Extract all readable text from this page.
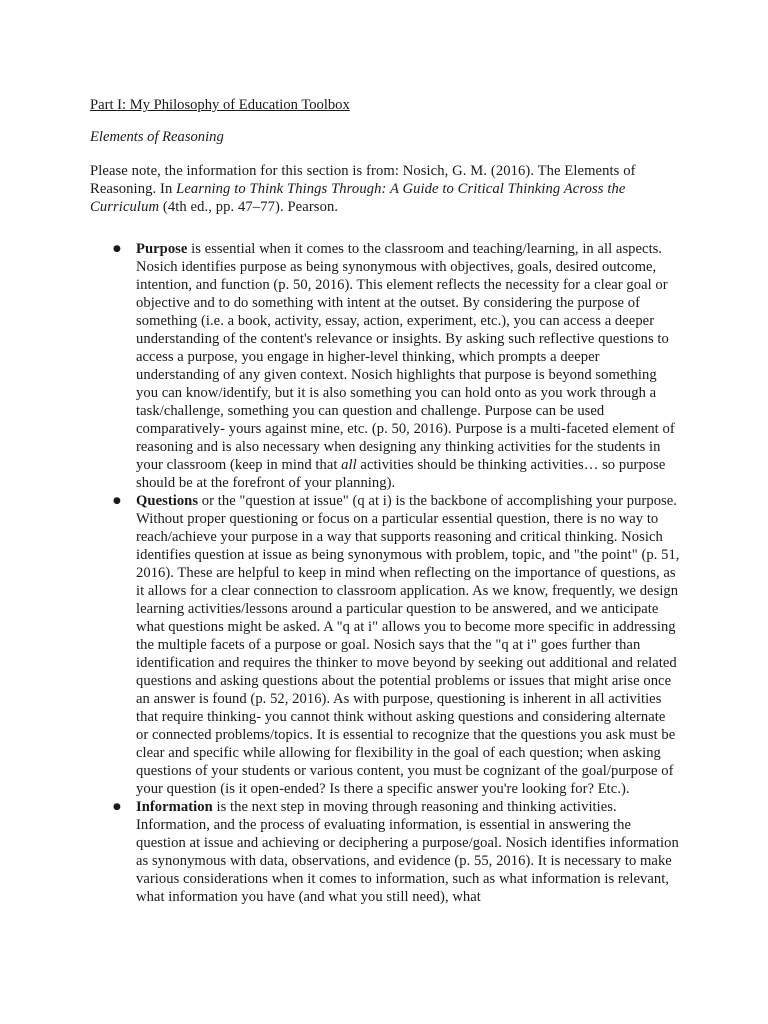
Part I: My Philosophy of Education Toolbox
Elements of Reasoning

Please note, the information for this section is from: Nosich, G. M. (2016). The Elements of Reasoning. In Learning to Think Things Through: A Guide to Critical Thinking Across the Curriculum (4th ed., pp. 47–77). Pearson.

● Purpose is essential when it comes to the classroom and teaching/learning, in all aspects. Nosich identifies purpose as being synonymous with objectives, goals, desired outcome, intention, and function (p. 50, 2016). This element reflects the necessity for a clear goal or objective and to do something with intent at the outset. By considering the purpose of something (i.e. a book, activity, essay, action, experiment, etc.), you can access a deeper understanding of the content's relevance or insights. By asking such reflective questions to access a purpose, you engage in higher-level thinking, which prompts a deeper understanding of any given context. Nosich highlights that purpose is beyond something you can know/identify, but it is also something you can hold onto as you work through a task/challenge, something you can question and challenge. Purpose can be used comparatively- yours against mine, etc. (p. 50, 2016). Purpose is a multi-faceted element of reasoning and is also necessary when designing any thinking activities for the students in your classroom (keep in mind that all activities should be thinking activities… so purpose should be at the forefront of your planning).
● Questions or the "question at issue" (q at i) is the backbone of accomplishing your purpose. Without proper questioning or focus on a particular essential question, there is no way to reach/achieve your purpose in a way that supports reasoning and critical thinking. Nosich identifies question at issue as being synonymous with problem, topic, and "the point" (p. 51, 2016). These are helpful to keep in mind when reflecting on the importance of questions, as it allows for a clear connection to classroom application. As we know, frequently, we design learning activities/lessons around a particular question to be answered, and we anticipate what questions might be asked. A "q at i" allows you to become more specific in addressing the multiple facets of a purpose or goal. Nosich says that the "q at i" goes further than identification and requires the thinker to move beyond by seeking out additional and related questions and asking questions about the potential problems or issues that might arise once an answer is found (p. 52, 2016). As with purpose, questioning is inherent in all activities that require thinking- you cannot think without asking questions and considering alternate or connected problems/topics. It is essential to recognize that the questions you ask must be clear and specific while allowing for flexibility in the goal of each question; when asking questions of your students or various content, you must be cognizant of the goal/purpose of your question (is it open-ended? Is there a specific answer you're looking for? Etc.).
● Information is the next step in moving through reasoning and thinking activities. Information, and the process of evaluating information, is essential in answering the question at issue and achieving or deciphering a purpose/goal. Nosich identifies information as synonymous with data, observations, and evidence (p. 55, 2016). It is necessary to make various considerations when it comes to information, such as what information is relevant, what information you have (and what you still need), what
